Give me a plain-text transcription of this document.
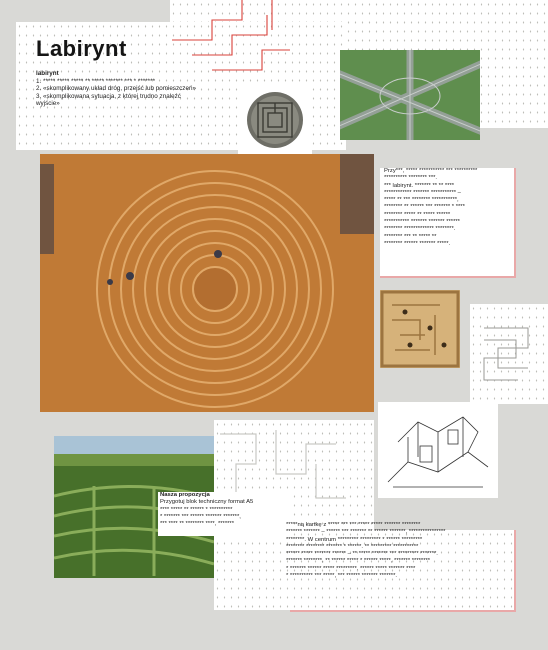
Labirynt
labirynt
1. ***** ***** ***** ** ***** ******* *** * *******
2. «skomplikowany układ dróg, przejść lub pomieszczeń»
3. «skomplikowana sytuacja, z której trudno znaleźć wyjście»
Przy***, ***** *********** *** **********
********** ******** ***.
*** labirynt. ******* ** ** ****
************ ******* *********** –
***** ** *** ******** ***********,
******** ** ****** *** ******* * ****
******** ***** ** ***** ******
*********** ******* ******* ******
******** ************* ********.
******** *** ** ***** **
******** ****** ******* *****.
Nasza propozycja
Przygotuj blok techniczny format A5
**** ***** ** ****** * **********
* ******* *** ****** ******* *******,
*** **** ** ******** ****, *******	*****ną kartkę z ***** *** *** ***** ***** ******* ********
******* ******* – ****** *** ******* ** ****** *******, ****************
********. W centrum ********* ********* * ****** *********
******** ******** ******* * ******. ** ********* ***********
****** ***** ******* ****** – ** ***** ******* *** ********* *******.
******* ********, ** ****** ***** * ****** *****, ******* ********
* ******* ****** ***** *********. ****** ***** ******* ****
* ********** *** *****, *** ****** ******* *******.
